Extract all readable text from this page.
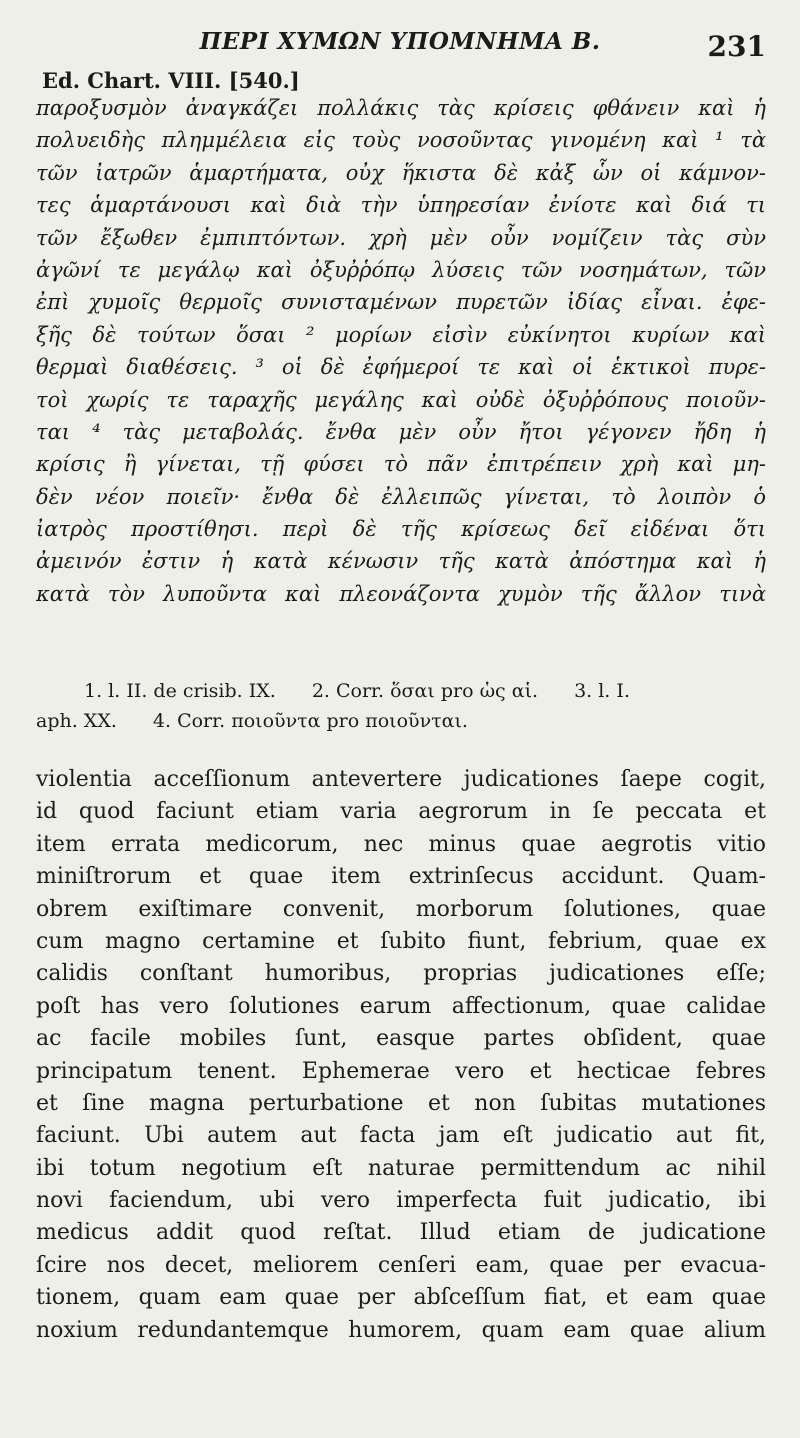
ΠΕΡΙ ΧΥΜΩΝ ΥΠΟΜΝΗΜΑ Β.	231
Ed. Chart. VIII. [540.]
παροξυσμὸν ἀναγκάζει πολλάκις τὰς κρίσεις φθάνειν καὶ ἡ
πολυειδὴς πλημμέλεια εἰς τοὺς νοσοῦντας γινομένη καὶ ¹ τὰ
τῶν ἰατρῶν ἁμαρτήματα, οὐχ ἥκιστα δὲ κἀξ ὧν οἱ κάμνον-
τες ἁμαρτάνουσι καὶ διὰ τὴν ὑπηρεσίαν ἐνίοτε καὶ διά τι
τῶν ἔξωθεν ἐμπιπτόντων. χρὴ μὲν οὖν νομίζειν τὰς σὺν
ἀγῶνί τε μεγάλῳ καὶ ὀξυῤῥόπῳ λύσεις τῶν νοσημάτων, τῶν
ἐπὶ χυμοῖς θερμοῖς συνισταμένων πυρετῶν ἰδίας εἶναι. ἐφε-
ξῆς δὲ τούτων ὅσαι ² μορίων εἰσὶν εὐκίνητοι κυρίων καὶ
θερμαὶ διαθέσεις. ³ οἱ δὲ ἐφήμεροί τε καὶ οἱ ἑκτικοὶ πυρε-
τοὶ χωρίς τε ταραχῆς μεγάλης καὶ οὐδὲ ὀξυῤῥόπους ποιοῦν-
ται ⁴ τὰς μεταβολάς. ἔνθα μὲν οὖν ἤτοι γέγονεν ἤδη ἡ
κρίσις ἢ γίνεται, τῇ φύσει τὸ πᾶν ἐπιτρέπειν χρὴ καὶ μη-
δὲν νέον ποιεῖν· ἔνθα δὲ ἐλλειπῶς γίνεται, τὸ λοιπὸν ὁ
ἰατρὸς προστίθησι. περὶ δὲ τῆς κρίσεως δεῖ εἰδέναι ὅτι
ἀμεινόν ἐστιν ἡ κατὰ κένωσιν τῆς κατὰ ἀπόστημα καὶ ἡ
κατὰ τὸν λυποῦντα καὶ πλεονάζοντα χυμὸν τῆς ἄλλον τινὰ
1. l. II. de crisib. IX. 2. Corr. ὅσαι pro ὡς αἱ. 3. l. I.
aph. XX. 4. Corr. ποιοῦντα pro ποιοῦνται.
violentia acceſſionum antevertere judicationes ſaepe cogit,
id quod faciunt etiam varia aegrorum in ſe peccata et
item errata medicorum, nec minus quae aegrotis vitio
miniſtrorum et quae item extrinſecus accidunt. Quam-
obrem exiſtimare convenit, morborum ſolutiones, quae
cum magno certamine et ſubito fiunt, febrium, quae ex
calidis conſtant humoribus, proprias judicationes eſſe;
poſt has vero ſolutiones earum affectionum, quae calidae
ac facile mobiles ſunt, easque partes obſident, quae
principatum tenent. Ephemerae vero et hecticae febres
et ſine magna perturbatione et non ſubitas mutationes
faciunt. Ubi autem aut facta jam eſt judicatio aut fit,
ibi totum negotium eſt naturae permittendum ac nihil
novi faciendum, ubi vero imperfecta fuit judicatio, ibi
medicus addit quod reſtat. Illud etiam de judicatione
ſcire nos decet, meliorem cenſeri eam, quae per evacua-
tionem, quam eam quae per abſceſſum fiat, et eam quae
noxium redundantemque humorem, quam eam quae alium
